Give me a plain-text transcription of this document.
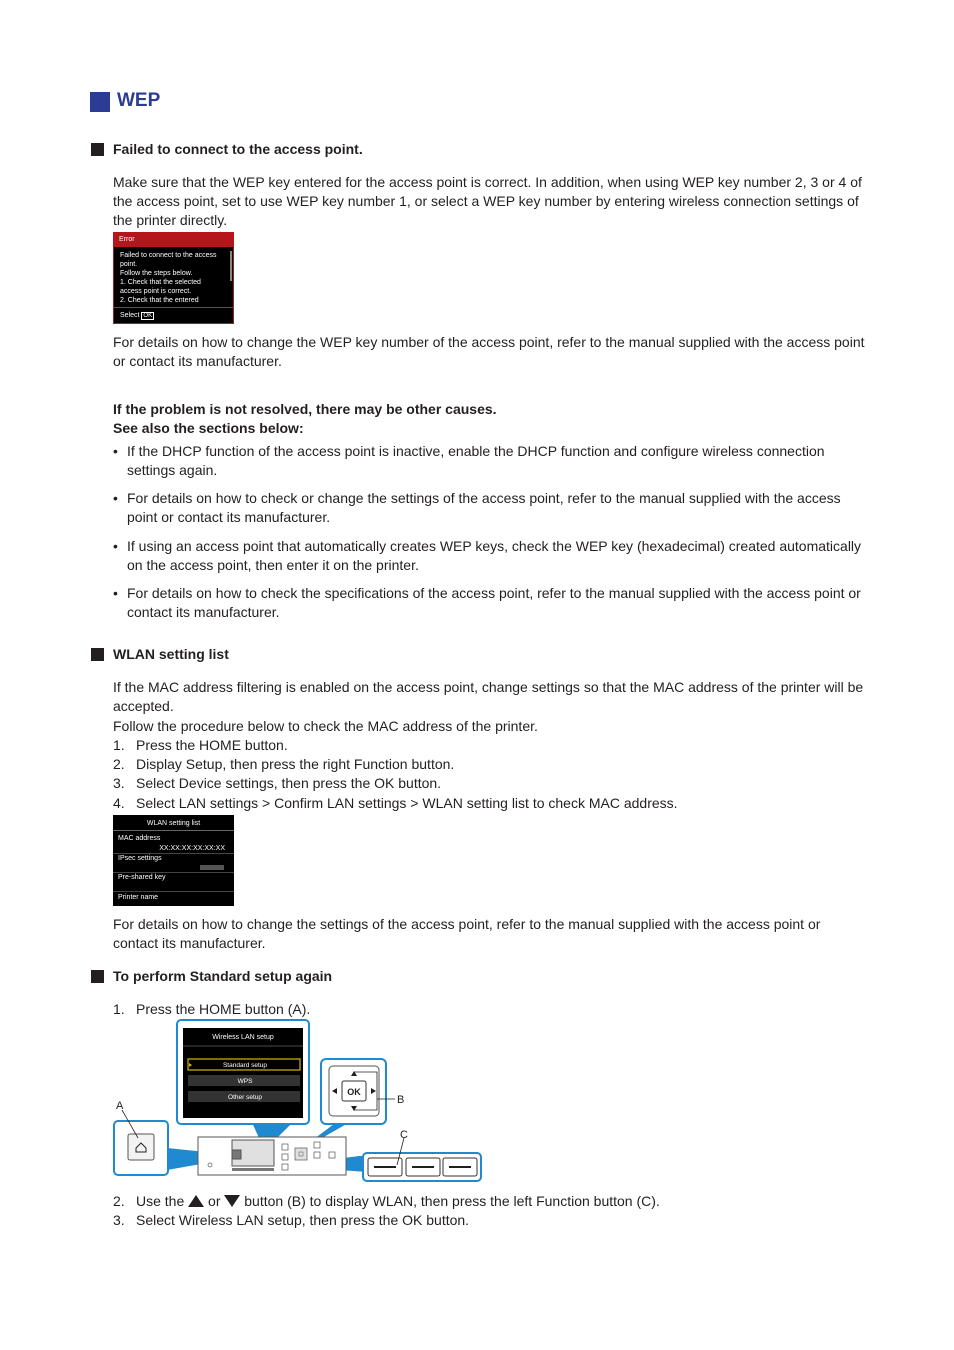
WEP
Failed to connect to the access point.
Make sure that the WEP key entered for the access point is correct. In addition, when using WEP key number 2, 3 or 4 of the access point, set to use WEP key number 1, or select a WEP key number by entering wireless connection settings of the printer directly.
Error
Failed to connect to the access
point.
Follow the steps below.
1. Check that the selected
access point is correct.
2. Check that the entered
Select OK
For details on how to change the WEP key number of the access point, refer to the manual supplied with the access point or contact its manufacturer.
If the problem is not resolved, there may be other causes.
See also the sections below:
• If the DHCP function of the access point is inactive, enable the DHCP function and configure wireless connection settings again.
• For details on how to check or change the settings of the access point, refer to the manual supplied with the access point or contact its manufacturer.
• If using an access point that automatically creates WEP keys, check the WEP key (hexadecimal) created automatically on the access point, then enter it on the printer.
• For details on how to check the specifications of the access point, refer to the manual supplied with the access point or contact its manufacturer.
WLAN setting list
If the MAC address filtering is enabled on the access point, change settings so that the MAC address of the printer will be accepted.
Follow the procedure below to check the MAC address of the printer.
1. Press the HOME button.
2. Display Setup, then press the right Function button.
3. Select Device settings, then press the OK button.
4. Select LAN settings > Confirm LAN settings > WLAN setting list to check MAC address.
WLAN setting list
MAC address
XX:XX:XX:XX:XX:XX
IPsec settings
Pre-shared key
Printer name
For details on how to change the settings of the access point, refer to the manual supplied with the access point or contact its manufacturer.
To perform Standard setup again
1. Press the HOME button (A).
Wireless LAN setup
Standard setup
WPS
Other setup
OK
A	B
C
2. Use the or button (B) to display WLAN, then press the left Function button (C).
3. Select Wireless LAN setup, then press the OK button.
